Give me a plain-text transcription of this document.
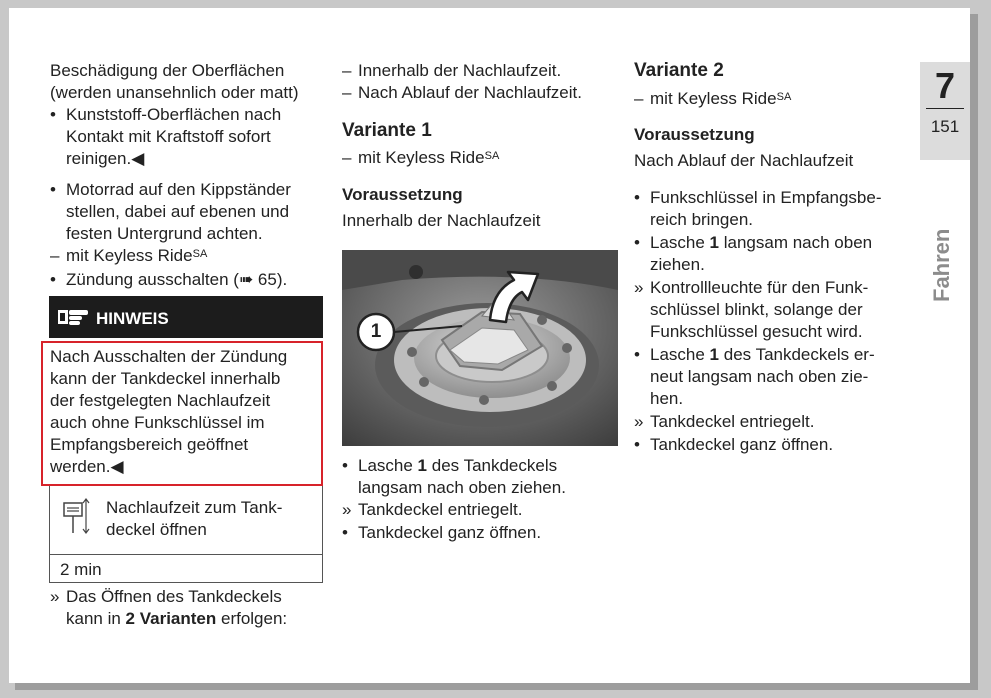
Beschädigung der Oberflächen
(werden unansehnlich oder matt)
• Kunststoff-Oberflächen nach
Kontakt mit Kraftstoff sofort
reinigen.◀
• Motorrad auf den Kippständer
stellen, dabei auf ebenen und
festen Untergrund achten.
– mit Keyless Ride$^{SA}$
• Zündung ausschalten (➠ 65).
HINWEIS
Nach Ausschalten der Zündung
kann der Tankdeckel innerhalb
der festgelegten Nachlaufzeit
auch ohne Funkschlüssel im
Empfangsbereich geöffnet
werden.◀
Nachlaufzeit zum Tank-
deckel öffnen
2 min
» Das Öffnen des Tankdeckels
kann in 2 Varianten erfolgen:
– Innerhalb der Nachlaufzeit.
– Nach Ablauf der Nachlaufzeit.
Variante 1
– mit Keyless Ride$^{SA}$
Voraussetzung
Innerhalb der Nachlaufzeit
1
• Lasche 1 des Tankdeckels
langsam nach oben ziehen.
» Tankdeckel entriegelt.
• Tankdeckel ganz öffnen.
Variante 2
– mit Keyless Ride$^{SA}$
Voraussetzung
Nach Ablauf der Nachlaufzeit
• Funkschlüssel in Empfangsbe-
reich bringen.
• Lasche 1 langsam nach oben
ziehen.
» Kontrollleuchte für den Funk-
schlüssel blinkt, solange der
Funkschlüssel gesucht wird.
• Lasche 1 des Tankdeckels er-
neut langsam nach oben zie-
hen.
» Tankdeckel entriegelt.
• Tankdeckel ganz öffnen.
7
151
Fahren
